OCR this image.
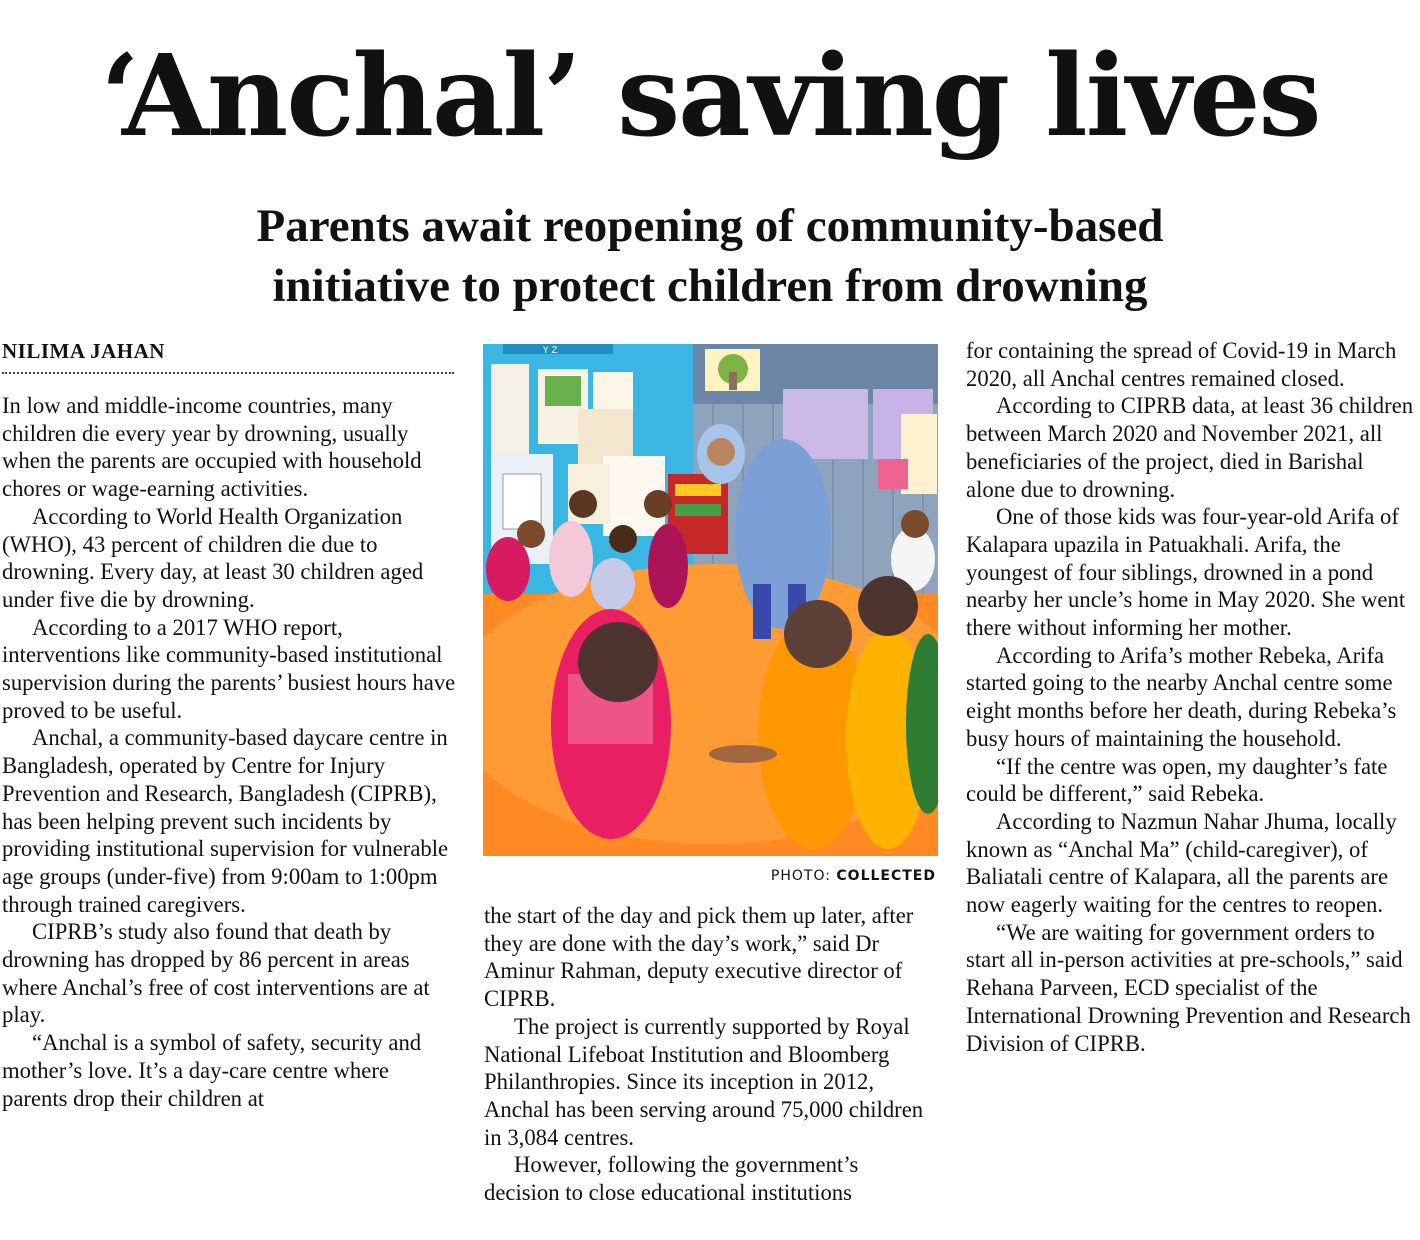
‘Anchal’ saving lives
Parents await reopening of community-based
initiative to protect children from drowning
NILIMA JAHAN

In low and middle-income countries, many children die every year by drowning, usually when the parents are occupied with household chores or wage-earning activities.

According to World Health Organization (WHO), 43 percent of children die due to drowning. Every day, at least 30 children aged under five die by drowning.

According to a 2017 WHO report, interventions like community-based institutional supervision during the parents’ busiest hours have proved to be useful.

Anchal, a community-based daycare centre in Bangladesh, operated by Centre for Injury Prevention and Research, Bangladesh (CIPRB), has been helping prevent such incidents by providing institutional supervision for vulnerable age groups (under-five) from 9:00am to 1:00pm through trained caregivers.

CIPRB’s study also found that death by drowning has dropped by 86 percent in areas where Anchal’s free of cost interventions are at play.

“Anchal is a symbol of safety, security and mother’s love. It’s a day-care centre where parents drop their children at

Y Z
PHOTO: COLLECTED

the start of the day and pick them up later, after they are done with the day’s work,” said Dr Aminur Rahman, deputy executive director of CIPRB.

The project is currently supported by Royal National Lifeboat Institution and Bloomberg Philanthropies. Since its inception in 2012, Anchal has been serving around 75,000 children in 3,084 centres.

However, following the government’s decision to close educational institutions

for containing the spread of Covid-19 in March 2020, all Anchal centres remained closed.

According to CIPRB data, at least 36 children between March 2020 and November 2021, all beneficiaries of the project, died in Barishal alone due to drowning.

One of those kids was four-year-old Arifa of Kalapara upazila in Patuakhali. Arifa, the youngest of four siblings, drowned in a pond nearby her uncle’s home in May 2020. She went there without informing her mother.

According to Arifa’s mother Rebeka, Arifa started going to the nearby Anchal centre some eight months before her death, during Rebeka’s busy hours of maintaining the household.

“If the centre was open, my daughter’s fate could be different,” said Rebeka.

According to Nazmun Nahar Jhuma, locally known as “Anchal Ma” (child-caregiver), of Baliatali centre of Kalapara, all the parents are now eagerly waiting for the centres to reopen.

“We are waiting for government orders to start all in-person activities at pre-schools,” said Rehana Parveen, ECD specialist of the International Drowning Prevention and Research Division of CIPRB.
